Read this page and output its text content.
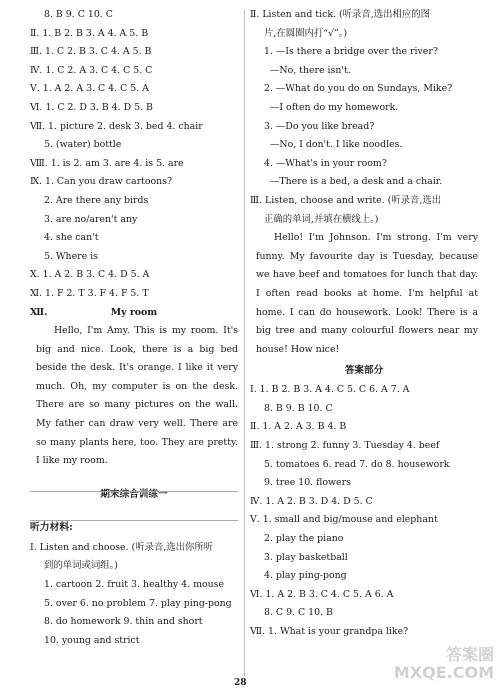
8. B 9. C 10. C
Ⅱ. 1. B 2. B 3. A 4. A 5. B
Ⅲ. 1. C 2. B 3. C 4. A 5. B
Ⅳ. 1. C 2. A 3. C 4. C 5. C
Ⅴ. 1. A 2. A 3. C 4. C 5. A
Ⅵ. 1. C 2. D 3. B 4. D 5. B
Ⅶ. 1. picture 2. desk 3. bed 4. chair
5. (water) bottle
Ⅷ. 1. is 2. am 3. are 4. is 5. are
Ⅸ. 1. Can you draw cartoons?
2. Are there any birds
3. are no/aren't any
4. she can't
5. Where is
Ⅹ. 1. A 2. B 3. C 4. D 5. A
Ⅺ. 1. F 2. T 3. F 4. F 5. T
Ⅻ.	My room
Hello, I'm Amy. This is my room. It's big and nice. Look, there is a big bed beside the desk. It's orange. I like it very much. Oh, my computer is on the desk. There are so many pictures on the wall. My father can draw very well. There are so many plants here, too. They are pretty. I like my room.
期末综合训练一
听力材料:
Ⅰ. Listen and choose. (听录音,选出你所听
到的单词或词组。)
1. cartoon 2. fruit 3. healthy 4. mouse
5. over 6. no problem 7. play ping-pong
8. do homework 9. thin and short
10. young and strict
Ⅱ. Listen and tick. (听录音,选出相应的图
片,在圆圈内打“√”。)
1. —Is there a bridge over the river?
—No, there isn't.
2. —What do you do on Sundays, Mike?
—I often do my homework.
3. —Do you like bread?
—No, I don't. I like noodles.
4. —What's in your room?
—There is a bed, a desk and a chair.
Ⅲ. Listen, choose and write. (听录音,选出
正确的单词,并填在横线上。)
Hello! I'm Johnson. I'm strong. I'm very funny. My favourite day is Tuesday, because we have beef and tomatoes for lunch that day. I often read books at home. I'm helpful at home. I can do housework. Look! There is a big tree and many colourful flowers near my house! How nice!
答案部分
Ⅰ. 1. B 2. B 3. A 4. C 5. C 6. A 7. A
8. B 9. B 10. C
Ⅱ. 1. A 2. A 3. B 4. B
Ⅲ. 1. strong 2. funny 3. Tuesday 4. beef
5. tomatoes 6. read 7. do 8. housework
9. tree 10. flowers
Ⅳ. 1. A 2. B 3. D 4. D 5. C
Ⅴ. 1. small and big/mouse and elephant
2. play the piano
3. play basketball
4. play ping-pong
Ⅵ. 1. A 2. B 3. C 4. C 5. A 6. A
8. C 9. C 10. B
Ⅶ. 1. What is your grandpa like?
28
答案圈
MXQE.COM
